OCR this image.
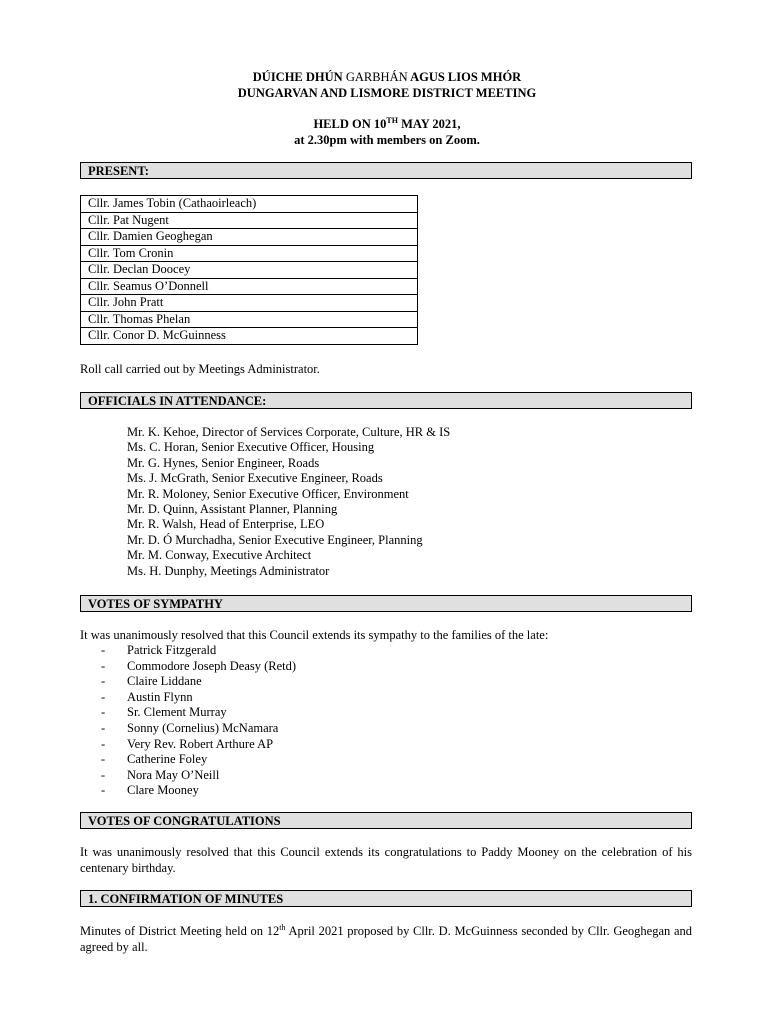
DÚICHE DHÚN GARBHÁN AGUS LIOS MHÓR
DUNGARVAN AND LISMORE DISTRICT MEETING
HELD ON 10TH MAY 2021,
at 2.30pm with members on Zoom.
PRESENT:
Cllr. James Tobin (Cathaoirleach)
Cllr. Pat Nugent
Cllr. Damien Geoghegan
Cllr. Tom Cronin
Cllr. Declan Doocey
Cllr. Seamus O’Donnell
Cllr. John Pratt
Cllr. Thomas Phelan
Cllr. Conor D. McGuinness
Roll call carried out by Meetings Administrator.
OFFICIALS IN ATTENDANCE:
Mr. K. Kehoe, Director of Services Corporate, Culture, HR & IS
Ms. C. Horan, Senior Executive Officer, Housing
Mr. G. Hynes, Senior Engineer, Roads
Ms. J. McGrath, Senior Executive Engineer, Roads
Mr. R. Moloney, Senior Executive Officer, Environment
Mr. D. Quinn, Assistant Planner, Planning
Mr. R. Walsh, Head of Enterprise, LEO
Mr. D. Ó Murchadha, Senior Executive Engineer, Planning
Mr. M. Conway, Executive Architect
Ms. H. Dunphy, Meetings Administrator
VOTES OF SYMPATHY
It was unanimously resolved that this Council extends its sympathy to the families of the late:
- Patrick Fitzgerald
- Commodore Joseph Deasy (Retd)
- Claire Liddane
- Austin Flynn
- Sr. Clement Murray
- Sonny (Cornelius) McNamara
- Very Rev. Robert Arthure AP
- Catherine Foley
- Nora May O’Neill
- Clare Mooney
VOTES OF CONGRATULATIONS
It was unanimously resolved that this Council extends its congratulations to Paddy Mooney on the celebration of his centenary birthday.
1. CONFIRMATION OF MINUTES
Minutes of District Meeting held on 12th April 2021 proposed by Cllr. D. McGuinness seconded by Cllr. Geoghegan and agreed by all.
